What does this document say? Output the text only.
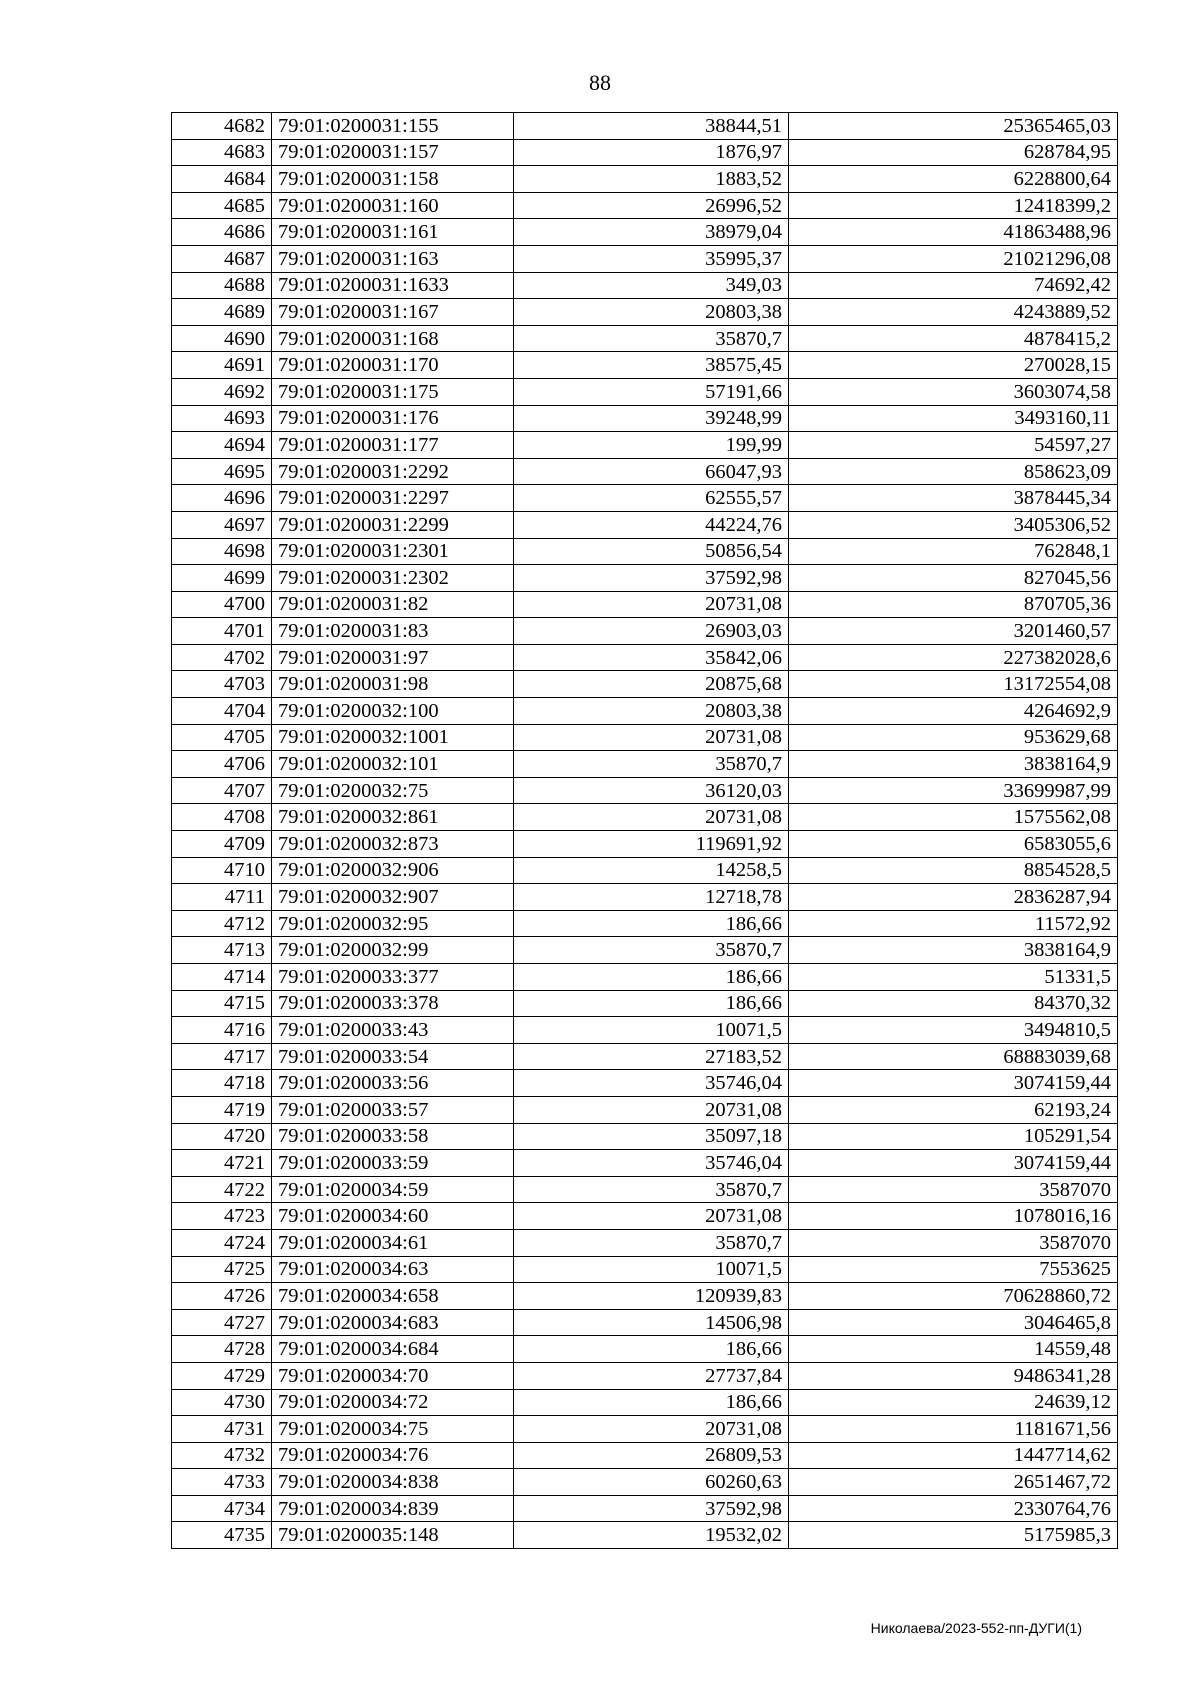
88
4682	79:01:0200031:155	38844,51	25365465,03
4683	79:01:0200031:157	1876,97	628784,95
4684	79:01:0200031:158	1883,52	6228800,64
4685	79:01:0200031:160	26996,52	12418399,2
4686	79:01:0200031:161	38979,04	41863488,96
4687	79:01:0200031:163	35995,37	21021296,08
4688	79:01:0200031:1633	349,03	74692,42
4689	79:01:0200031:167	20803,38	4243889,52
4690	79:01:0200031:168	35870,7	4878415,2
4691	79:01:0200031:170	38575,45	270028,15
4692	79:01:0200031:175	57191,66	3603074,58
4693	79:01:0200031:176	39248,99	3493160,11
4694	79:01:0200031:177	199,99	54597,27
4695	79:01:0200031:2292	66047,93	858623,09
4696	79:01:0200031:2297	62555,57	3878445,34
4697	79:01:0200031:2299	44224,76	3405306,52
4698	79:01:0200031:2301	50856,54	762848,1
4699	79:01:0200031:2302	37592,98	827045,56
4700	79:01:0200031:82	20731,08	870705,36
4701	79:01:0200031:83	26903,03	3201460,57
4702	79:01:0200031:97	35842,06	227382028,6
4703	79:01:0200031:98	20875,68	13172554,08
4704	79:01:0200032:100	20803,38	4264692,9
4705	79:01:0200032:1001	20731,08	953629,68
4706	79:01:0200032:101	35870,7	3838164,9
4707	79:01:0200032:75	36120,03	33699987,99
4708	79:01:0200032:861	20731,08	1575562,08
4709	79:01:0200032:873	119691,92	6583055,6
4710	79:01:0200032:906	14258,5	8854528,5
4711	79:01:0200032:907	12718,78	2836287,94
4712	79:01:0200032:95	186,66	11572,92
4713	79:01:0200032:99	35870,7	3838164,9
4714	79:01:0200033:377	186,66	51331,5
4715	79:01:0200033:378	186,66	84370,32
4716	79:01:0200033:43	10071,5	3494810,5
4717	79:01:0200033:54	27183,52	68883039,68
4718	79:01:0200033:56	35746,04	3074159,44
4719	79:01:0200033:57	20731,08	62193,24
4720	79:01:0200033:58	35097,18	105291,54
4721	79:01:0200033:59	35746,04	3074159,44
4722	79:01:0200034:59	35870,7	3587070
4723	79:01:0200034:60	20731,08	1078016,16
4724	79:01:0200034:61	35870,7	3587070
4725	79:01:0200034:63	10071,5	7553625
4726	79:01:0200034:658	120939,83	70628860,72
4727	79:01:0200034:683	14506,98	3046465,8
4728	79:01:0200034:684	186,66	14559,48
4729	79:01:0200034:70	27737,84	9486341,28
4730	79:01:0200034:72	186,66	24639,12
4731	79:01:0200034:75	20731,08	1181671,56
4732	79:01:0200034:76	26809,53	1447714,62
4733	79:01:0200034:838	60260,63	2651467,72
4734	79:01:0200034:839	37592,98	2330764,76
4735	79:01:0200035:148	19532,02	5175985,3
Николаева/2023-552-пп-ДУГИ(1)
